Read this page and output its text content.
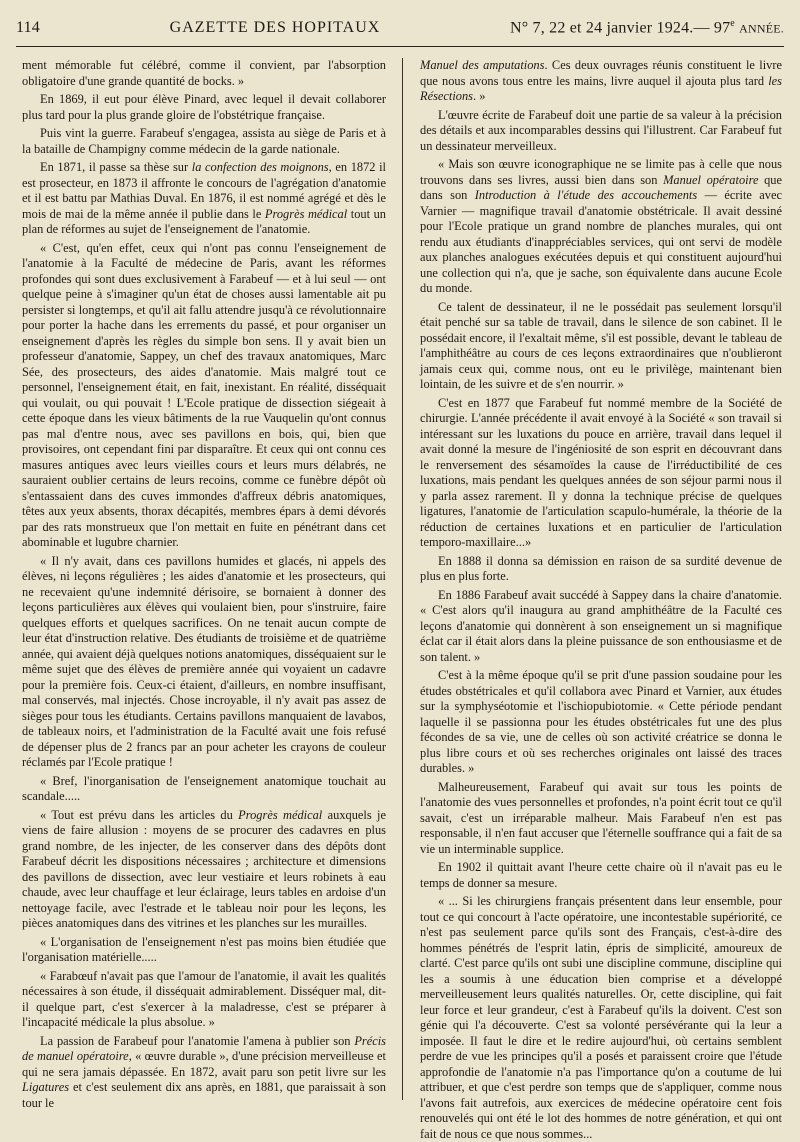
114	GAZETTE DES HOPITAUX	N° 7, 22 et 24 janvier 1924.— 97e ANNÉE.

ment mémorable fut célébré, comme il convient, par l'absorption obligatoire d'une grande quantité de bocks. »

En 1869, il eut pour élève Pinard, avec lequel il devait collaborer plus tard pour la plus grande gloire de l'obstétrique française.

Puis vint la guerre. Farabeuf s'engagea, assista au siège de Paris et à la bataille de Champigny comme médecin de la garde nationale.

En 1871, il passe sa thèse sur la confection des moignons, en 1872 il est prosecteur, en 1873 il affronte le concours de l'agrégation d'anatomie et il est battu par Mathias Duval. En 1876, il est nommé agrégé et dès le mois de mai de la même année il publie dans le Progrès médical tout un plan de réformes au sujet de l'enseignement de l'anatomie.

« C'est, qu'en effet, ceux qui n'ont pas connu l'enseignement de l'anatomie à la Faculté de médecine de Paris, avant les réformes profondes qui sont dues exclusivement à Farabeuf — et à lui seul — ont quelque peine à s'imaginer qu'un état de choses aussi lamentable ait pu persister si longtemps, et qu'il ait fallu attendre jusqu'à ce révolutionnaire pour porter la hache dans les errements du passé, et pour organiser un enseignement d'après les règles du simple bon sens. Il y avait bien un professeur d'anatomie, Sappey, un chef des travaux anatomiques, Marc Sée, des prosecteurs, des aides d'anatomie. Mais malgré tout ce personnel, l'enseignement était, en fait, inexistant. En réalité, disséquait qui voulait, ou qui pouvait ! L'Ecole pratique de dissection siégeait à cette époque dans les vieux bâtiments de la rue Vauquelin qu'ont connus pas mal d'entre nous, avec ses pavillons en bois, qui, bien que provisoires, ont cependant fini par disparaître. Et ceux qui ont connu ces masures antiques avec leurs vieilles cours et leurs murs délabrés, ne sauraient oublier certains de leurs recoins, comme ce funèbre dépôt où s'entassaient dans des cuves immondes d'affreux débris anatomiques, têtes aux yeux absents, thorax décapités, membres épars à demi dévorés par des rats monstrueux que l'on mettait en fuite en pénétrant dans cet abominable et lugubre charnier.

« Il n'y avait, dans ces pavillons humides et glacés, ni appels des élèves, ni leçons régulières ; les aides d'anatomie et les prosecteurs, qui ne recevaient qu'une indemnité dérisoire, se bornaient à donner des leçons particulières aux élèves qui voulaient bien, pour s'instruire, faire quelques efforts et quelques sacrifices. On ne tenait aucun compte de leur état d'instruction relative. Des étudiants de troisième et de quatrième année, qui avaient déjà quelques notions anatomiques, disséquaient sur le même sujet que des élèves de première année qui voyaient un cadavre pour la première fois. Ceux-ci étaient, d'ailleurs, en nombre insuffisant, mal conservés, mal injectés. Chose incroyable, il n'y avait pas assez de sièges pour tous les étudiants. Certains pavillons manquaient de lavabos, de tableaux noirs, et l'administration de la Faculté avait une fois refusé de dépenser plus de 2 francs par an pour acheter les crayons de couleur réclamés par l'Ecole pratique !

« Bref, l'inorganisation de l'enseignement anatomique touchait au scandale.....

« Tout est prévu dans les articles du Progrès médical auxquels je viens de faire allusion : moyens de se procurer des cadavres en plus grand nombre, de les injecter, de les conserver dans des dépôts dont Farabeuf décrit les dispositions nécessaires ; architecture et dimensions des pavillons de dissection, avec leur vestiaire et leurs robinets à eau chaude, avec leur chauffage et leur éclairage, leurs tables en ardoise d'un nettoyage facile, avec l'estrade et le tableau noir pour les leçons, les pièces anatomiques dans des vitrines et les planches sur les murailles.

« L'organisation de l'enseignement n'est pas moins bien étudiée que l'organisation matérielle.....

« Farabœuf n'avait pas que l'amour de l'anatomie, il avait les qualités nécessaires à son étude, il disséquait admirablement. Disséquer mal, dit-il quelque part, c'est s'exercer à la maladresse, c'est se préparer à l'incapacité médicale la plus absolue. »

La passion de Farabeuf pour l'anatomie l'amena à publier son Précis de manuel opératoire, « œuvre durable », d'une précision merveilleuse et qui ne sera jamais dépassée. En 1872, avait paru son petit livre sur les Ligatures et c'est seulement dix ans après, en 1881, que paraissait à son tour le

Manuel des amputations. Ces deux ouvrages réunis constituent le livre que nous avons tous entre les mains, livre auquel il ajouta plus tard les Résections. »

L'œuvre écrite de Farabeuf doit une partie de sa valeur à la précision des détails et aux incomparables dessins qui l'illustrent. Car Farabeuf fut un dessinateur merveilleux.

« Mais son œuvre iconographique ne se limite pas à celle que nous trouvons dans ses livres, aussi bien dans son Manuel opératoire que dans son Introduction à l'étude des accouchements — écrite avec Varnier — magnifique travail d'anatomie obstétricale. Il avait dessiné pour l'Ecole pratique un grand nombre de planches murales, qui ont rendu aux étudiants d'inappréciables services, qui ont servi de modèle aux planches analogues exécutées depuis et qui constituent aujourd'hui une collection qui n'a, que je sache, son équivalente dans aucune Ecole du monde.

Ce talent de dessinateur, il ne le possédait pas seulement lorsqu'il était penché sur sa table de travail, dans le silence de son cabinet. Il le possédait encore, il l'exaltait même, s'il est possible, devant le tableau de l'amphithéâtre au cours de ces leçons extraordinaires que n'oublieront jamais ceux qui, comme nous, ont eu le privilège, maintenant bien lointain, de les suivre et de s'en nourrir. »

C'est en 1877 que Farabeuf fut nommé membre de la Société de chirurgie. L'année précédente il avait envoyé à la Société « son travail si intéressant sur les luxations du pouce en arrière, travail dans lequel il avait donné la mesure de l'ingéniosité de son esprit en découvrant dans le renversement des sésamoïdes la cause de l'irréductibilité de ces luxations, mais pendant les quelques années de son séjour parmi nous il y parla assez rarement. Il y donna la technique précise de quelques ligatures, l'anatomie de l'articulation scapulo-humérale, la théorie de la réduction de certaines luxations et en particulier de l'articulation temporo-maxillaire...»

En 1888 il donna sa démission en raison de sa surdité devenue de plus en plus forte.

En 1886 Farabeuf avait succédé à Sappey dans la chaire d'anatomie. « C'est alors qu'il inaugura au grand amphithéâtre de la Faculté ces leçons d'anatomie qui donnèrent à son enseignement un si magnifique éclat car il était alors dans la pleine puissance de son enthousiasme et de son talent. »

C'est à la même époque qu'il se prit d'une passion soudaine pour les études obstétricales et qu'il collabora avec Pinard et Varnier, aux études sur la symphyséotomie et l'ischiopubiotomie. « Cette période pendant laquelle il se passionna pour les études obstétricales fut une des plus fécondes de sa vie, une de celles où son activité créatrice se donna le plus libre cours et où ses recherches originales ont laissé des traces durables. »

Malheureusement, Farabeuf qui avait sur tous les points de l'anatomie des vues personnelles et profondes, n'a point écrit tout ce qu'il savait, c'est un irréparable malheur. Mais Farabeuf n'en est pas responsable, il n'en faut accuser que l'éternelle souffrance qui a fait de sa vie un interminable supplice.

En 1902 il quittait avant l'heure cette chaire où il n'avait pas eu le temps de donner sa mesure.

« ... Si les chirurgiens français présentent dans leur ensemble, pour tout ce qui concourt à l'acte opératoire, une incontestable supériorité, ce n'est pas seulement parce qu'ils sont des Français, c'est-à-dire des hommes pénétrés de l'esprit latin, épris de simplicité, amoureux de clarté. C'est parce qu'ils ont subi une discipline commune, discipline qui les a soumis à une éducation bien comprise et a développé merveilleusement leurs qualités naturelles. Or, cette discipline, qui fait leur force et leur grandeur, c'est à Farabeuf qu'ils la doivent. C'est son génie qui l'a découverte. C'est sa volonté persévérante qui la leur a imposée. Il faut le dire et le redire aujourd'hui, où certains semblent perdre de vue les principes qu'il a posés et paraissent croire que l'étude approfondie de l'anatomie n'a pas l'importance qu'on a coutume de lui attribuer, et que c'est perdre son temps que de s'appliquer, comme nous l'avons fait autrefois, aux exercices de médecine opératoire cent fois renouvelés qui ont été le lot des hommes de notre génération, et qui ont fait de nous ce que nous sommes...
